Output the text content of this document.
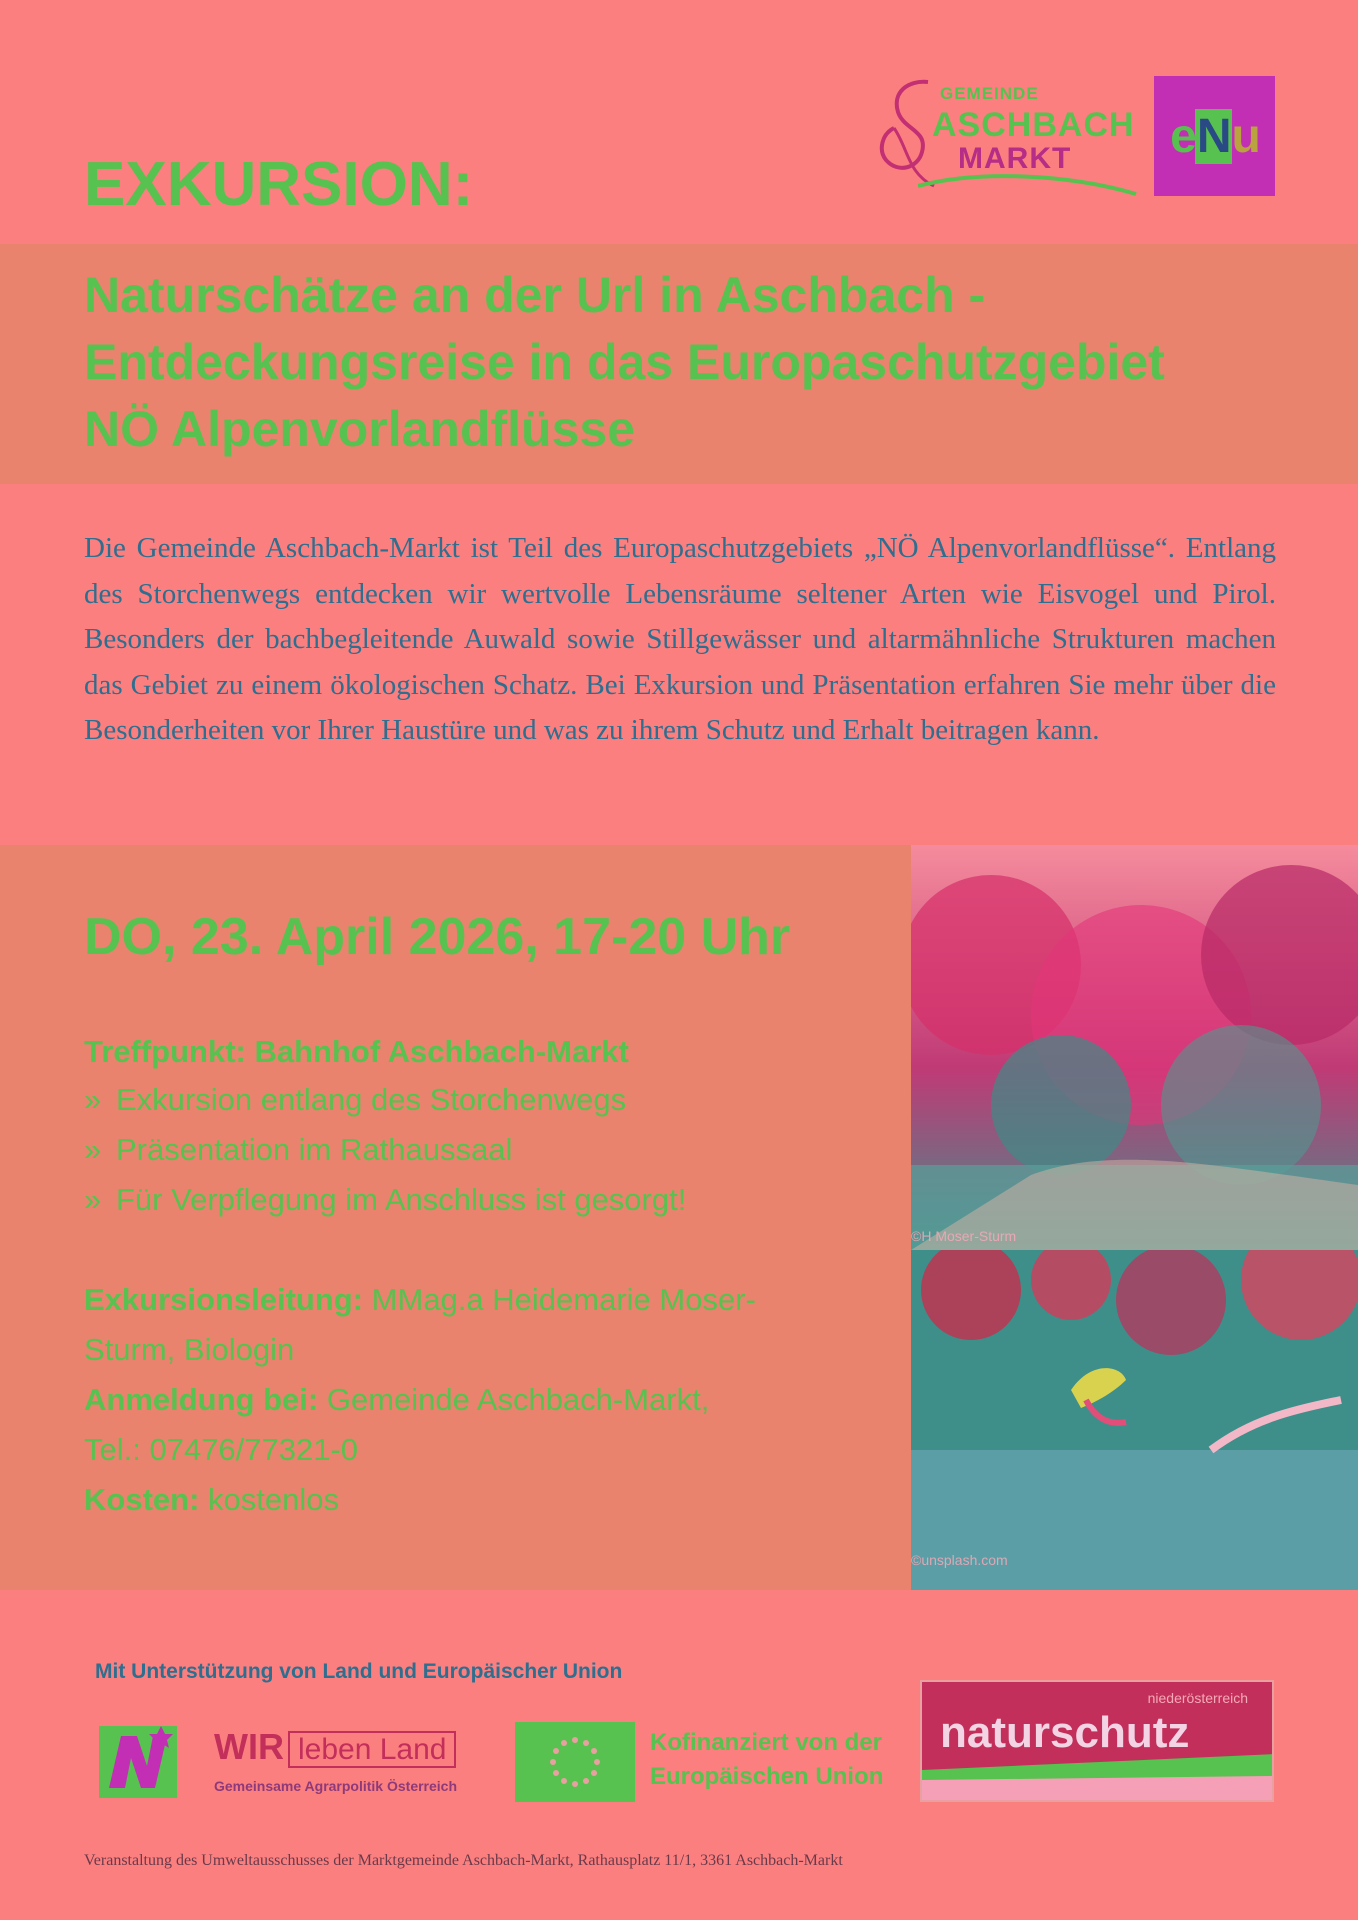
GEMEINDE
ASCHBACH
MARKT e N u
EXKURSION:
Naturschätze an der Url in Aschbach -
Entdeckungsreise in das Europaschutzgebiet
NÖ Alpenvorlandflüsse

Die Gemeinde Aschbach-Markt ist Teil des Europaschutzgebiets „NÖ Alpenvorlandflüsse“. Entlang des Storchenwegs entdecken wir wertvolle Lebensräume seltener Arten wie Eisvogel und Pirol. Besonders der bachbegleitende Auwald sowie Stillgewässer und altarmähnliche Strukturen machen das Gebiet zu einem ökologischen Schatz. Bei Exkursion und Präsentation erfahren Sie mehr über die Besonderheiten vor Ihrer Haustüre und was zu ihrem Schutz und Erhalt beitragen kann.

DO, 23. April 2026, 17-20 Uhr
Treffpunkt: Bahnhof Aschbach-Markt
» Exkursion entlang des Storchenwegs
» Präsentation im Rathaussaal
» Für Verpflegung im Anschluss ist gesorgt!
Exkursionsleitung: MMag.a Heidemarie Moser-Sturm, Biologin
Anmeldung bei: Gemeinde Aschbach-Markt,
Tel.: 07476/77321-0
Kosten: kostenlos
©H Moser-Sturm
©unsplash.com
Mit Unterstützung von Land und Europäischer Union
WIR leben Land
Gemeinsame Agrarpolitik Österreich
Kofinanziert von der
Europäischen Union
niederösterreich
naturschutz
Veranstaltung des Umweltausschusses der Marktgemeinde Aschbach-Markt, Rathausplatz 11/1, 3361 Aschbach-Markt
